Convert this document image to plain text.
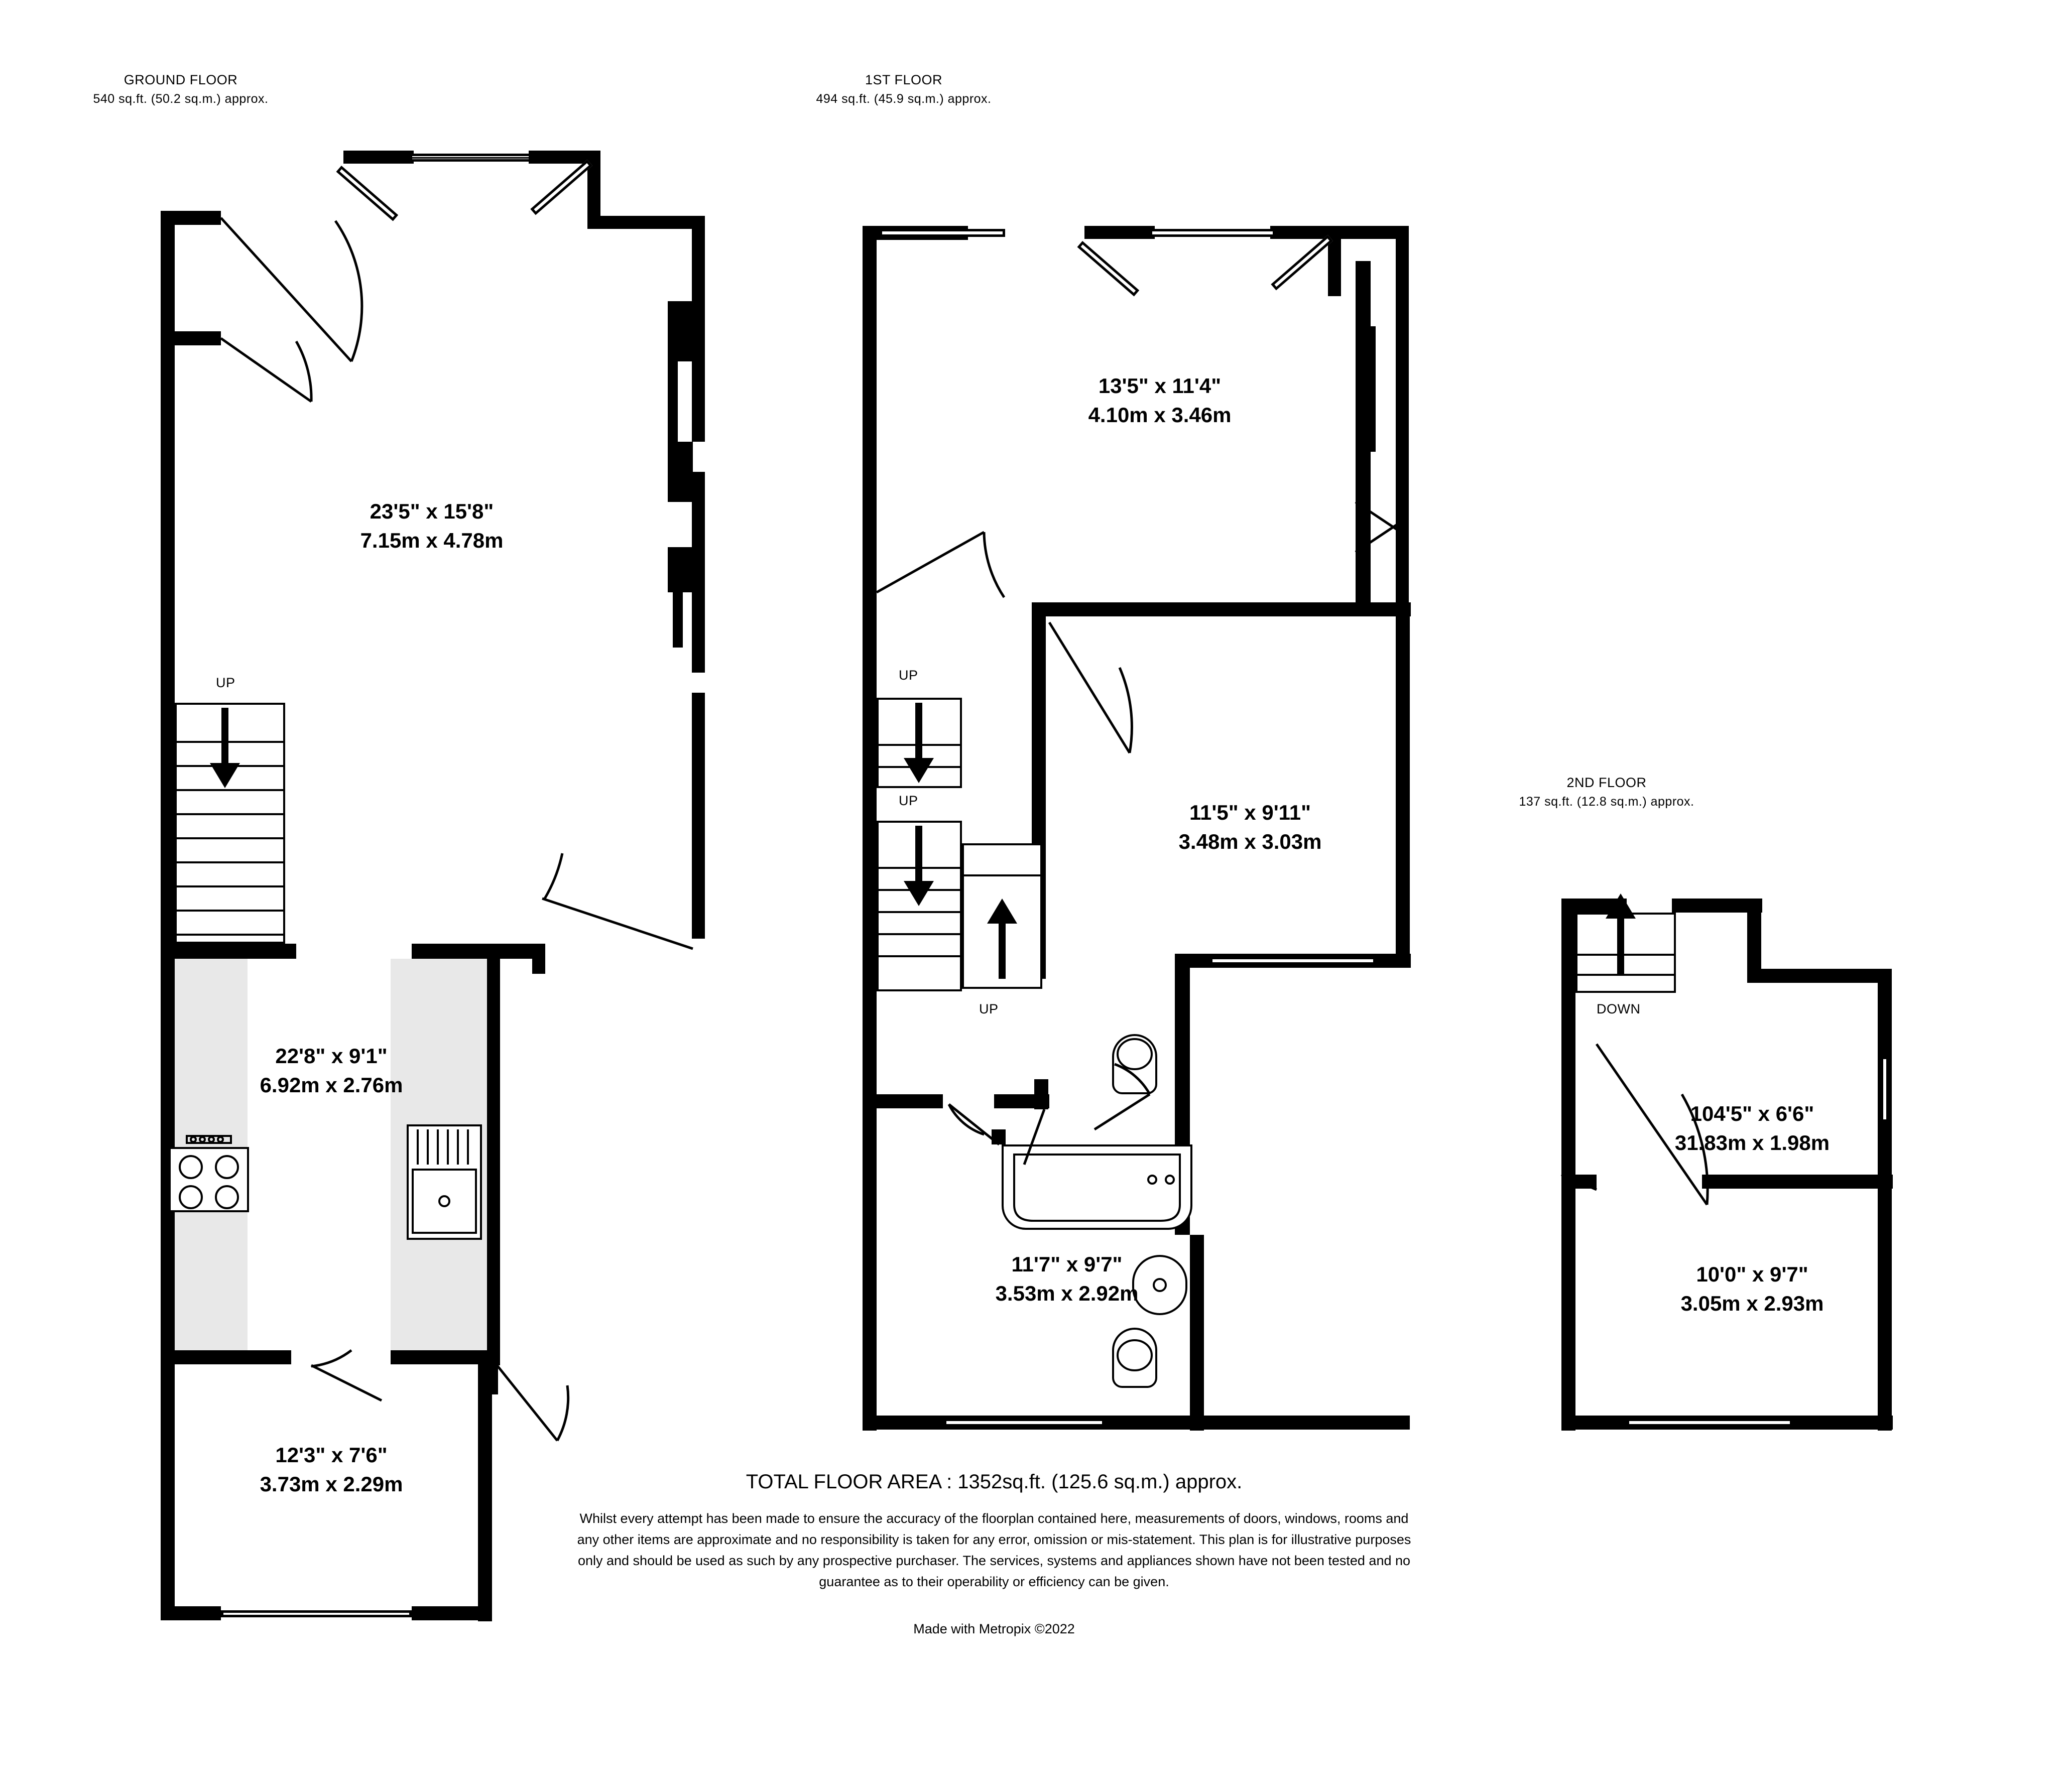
GROUND FLOOR
540 sq.ft. (50.2 sq.m.) approx.
1ST FLOOR
494 sq.ft. (45.9 sq.m.) approx.
2ND FLOOR
137 sq.ft. (12.8 sq.m.) approx.
23'5" x 15'8"
7.15m x 4.78m
22'8" x 9'1"
6.92m x 2.76m
12'3" x 7'6"
3.73m x 2.29m
UP
13'5" x 11'4"
4.10m x 3.46m
11'5" x 9'11"
3.48m x 3.03m
11'7" x 9'7"
3.53m x 2.92m
UP
UP
UP	DOWN
104'5" x 6'6"
31.83m x 1.98m
10'0" x 9'7"
3.05m x 2.93m
TOTAL FLOOR AREA : 1352sq.ft. (125.6 sq.m.) approx.
Whilst every attempt has been made to ensure the accuracy of the floorplan contained here, measurements of doors, windows, rooms and any other items are approximate and no responsibility is taken for any error, omission or mis-statement. This plan is for illustrative purposes only and should be used as such by any prospective purchaser. The services, systems and appliances shown have not been tested and no guarantee as to their operability or efficiency can be given.
Made with Metropix ©2022
